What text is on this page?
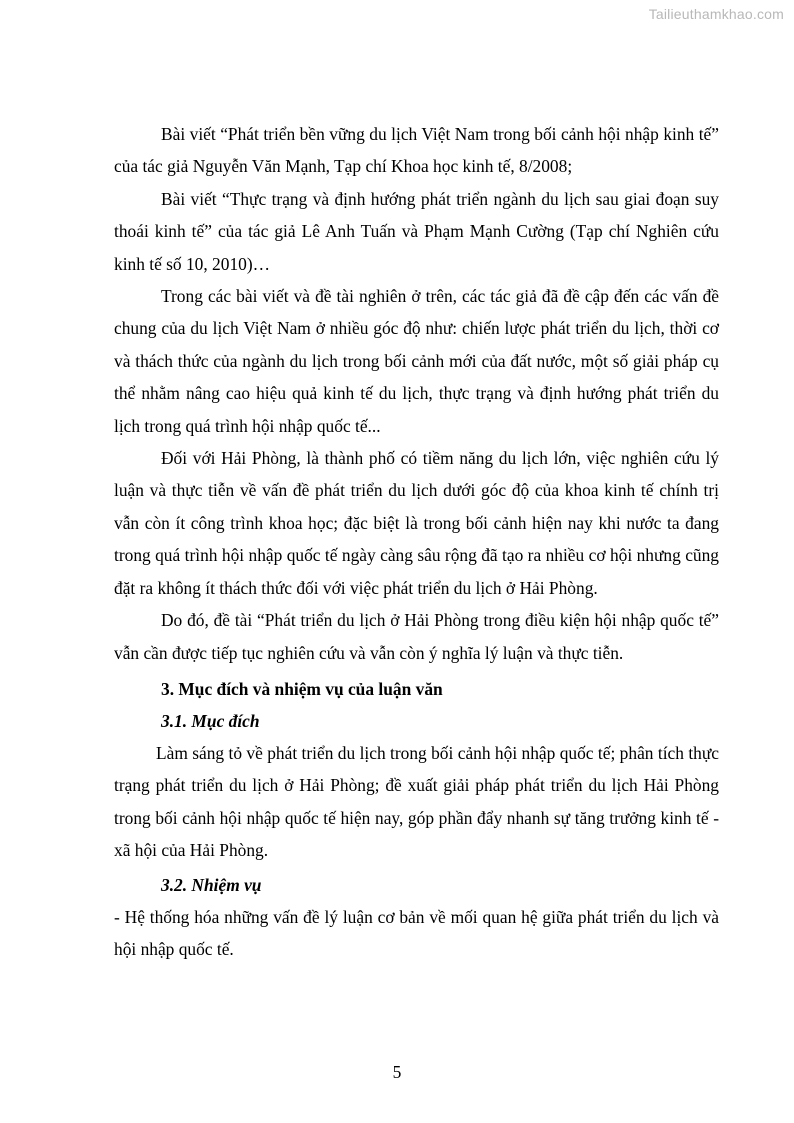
Tailieuthamkhao.com

Bài viết “Phát triển bền vững du lịch Việt Nam trong bối cảnh hội nhập kinh tế” của tác giả Nguyễn Văn Mạnh, Tạp chí Khoa học kinh tế, 8/2008;

Bài viết “Thực trạng và định hướng phát triển ngành du lịch sau giai đoạn suy thoái kinh tế” của tác giả Lê Anh Tuấn và Phạm Mạnh Cường (Tạp chí Nghiên cứu kinh tế số 10, 2010)…

Trong các bài viết và đề tài nghiên ở trên, các tác giả đã đề cập đến các vấn đề chung của du lịch Việt Nam ở nhiều góc độ như: chiến lược phát triển du lịch, thời cơ và thách thức của ngành du lịch trong bối cảnh mới của đất nước, một số giải pháp cụ thể nhằm nâng cao hiệu quả kinh tế du lịch, thực trạng và định hướng phát triển du lịch trong quá trình hội nhập quốc tế...

Đối với Hải Phòng, là thành phố có tiềm năng du lịch lớn, việc nghiên cứu lý luận và thực tiễn về vấn đề phát triển du lịch dưới góc độ của khoa kinh tế chính trị vẫn còn ít công trình khoa học; đặc biệt là trong bối cảnh hiện nay khi nước ta đang trong quá trình hội nhập quốc tế ngày càng sâu rộng đã tạo ra nhiều cơ hội nhưng cũng đặt ra không ít thách thức đối với việc phát triển du lịch ở Hải Phòng.

Do đó, đề tài “Phát triển du lịch ở Hải Phòng trong điều kiện hội nhập quốc tế” vẫn cần được tiếp tục nghiên cứu và vẫn còn ý nghĩa lý luận và thực tiễn.

3. Mục đích và nhiệm vụ của luận văn

3.1. Mục đích

Làm sáng tỏ về phát triển du lịch trong bối cảnh hội nhập quốc tế; phân tích thực trạng phát triển du lịch ở Hải Phòng; đề xuất giải pháp phát triển du lịch Hải Phòng trong bối cảnh hội nhập quốc tế hiện nay, góp phần đẩy nhanh sự tăng trưởng kinh tế - xã hội của Hải Phòng.

3.2. Nhiệm vụ

- Hệ thống hóa những vấn đề lý luận cơ bản về mối quan hệ giữa phát triển du lịch và hội nhập quốc tế.

5
